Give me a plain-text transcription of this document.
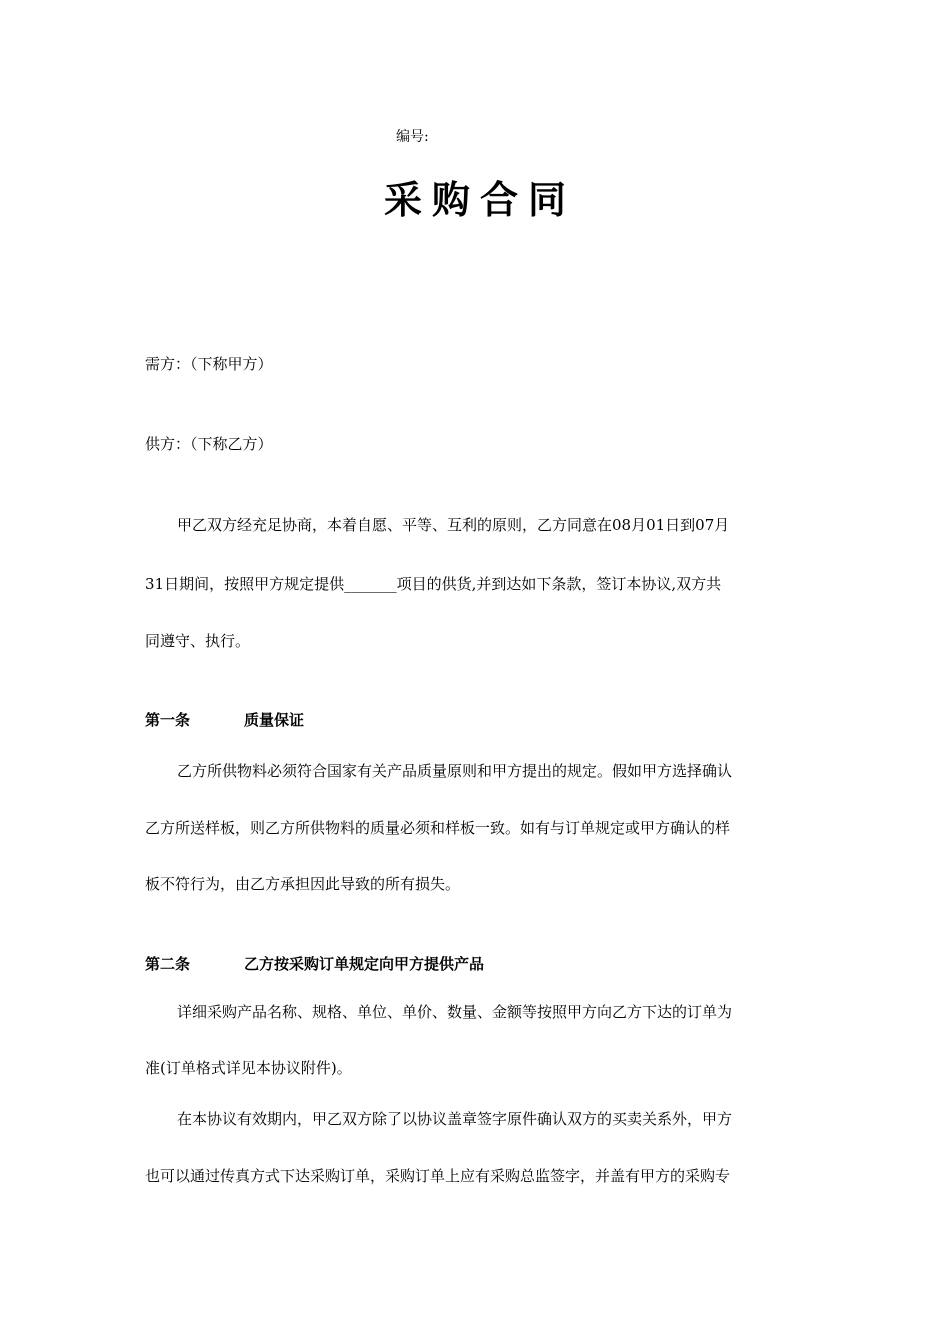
编号:
采购合同
需方：（下称甲方）
供方：（下称乙方）
甲乙双方经充足协商，本着自愿、平等、互利的原则，乙方同意在08月01日到07月
31日期间，按照甲方规定提供_______项目的供货,并到达如下条款，签订本协议,双方共
同遵守、执行。
第一条	质量保证
乙方所供物料必须符合国家有关产品质量原则和甲方提出的规定。假如甲方选择确认
乙方所送样板，则乙方所供物料的质量必须和样板一致。如有与订单规定或甲方确认的样
板不符行为，由乙方承担因此导致的所有损失。
第二条	乙方按采购订单规定向甲方提供产品
详细采购产品名称、规格、单位、单价、数量、金额等按照甲方向乙方下达的订单为
准(订单格式详见本协议附件)。
在本协议有效期内，甲乙双方除了以协议盖章签字原件确认双方的买卖关系外，甲方
也可以通过传真方式下达采购订单，采购订单上应有采购总监签字，并盖有甲方的采购专
